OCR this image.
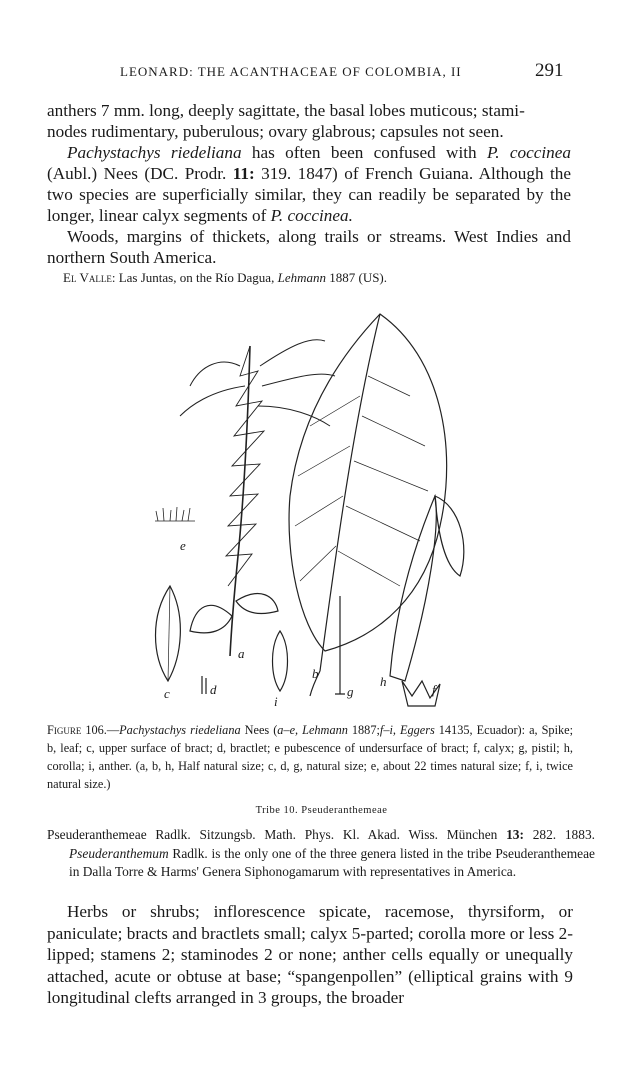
LEONARD: THE ACANTHACEAE OF COLOMBIA, II	291

anthers 7 mm. long, deeply sagittate, the basal lobes muticous; stami-

nodes rudimentary, puberulous; ovary glabrous; capsules not seen.

Pachystachys riedeliana has often been confused with P. coccinea (Aubl.) Nees (DC. Prodr. 11: 319. 1847) of French Guiana. Although the two species are superficially similar, they can readily be separated by the longer, linear calyx segments of P. coccinea.

Woods, margins of thickets, along trails or streams. West Indies and northern South America.

El Valle: Las Juntas, on the Río Dagua, Lehmann 1887 (US).
a
b
c	d
e
f
g
h
i
Figure 106.—Pachystachys riedeliana Nees (a–e, Lehmann 1887;f–i, Eggers 14135, Ecuador): a, Spike; b, leaf; c, upper surface of bract; d, bractlet; e pubescence of undersurface of bract; f, calyx; g, pistil; h, corolla; i, anther. (a, b, h, Half natural size; c, d, g, natural size; e, about 22 times natural size; f, i, twice natural size.)
Tribe 10. Pseuderanthemeae
Pseuderanthemeae Radlk. Sitzungsb. Math. Phys. Kl. Akad. Wiss. München 13: 282. 1883. Pseuderanthemum Radlk. is the only one of the three genera listed in the tribe Pseuderanthemeae in Dalla Torre & Harms' Genera Siphonogamarum with representatives in America.
Herbs or shrubs; inflorescence spicate, racemose, thyrsiform, or paniculate; bracts and bractlets small; calyx 5-parted; corolla more or less 2-lipped; stamens 2; staminodes 2 or none; anther cells equally or unequally attached, acute or obtuse at base; “spangenpollen” (elliptical grains with 9 longitudinal clefts arranged in 3 groups, the broader
